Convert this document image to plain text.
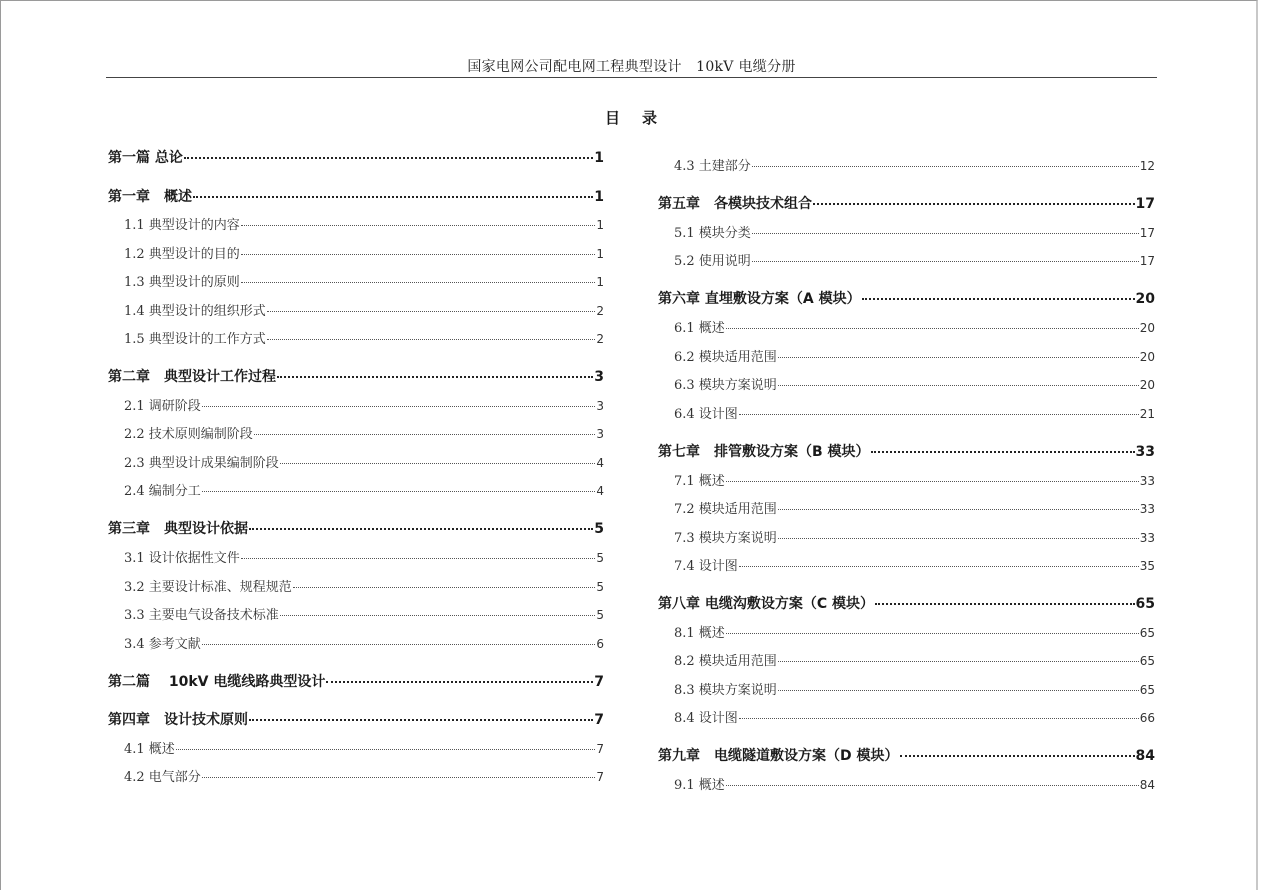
国家电网公司配电网工程典型设计　10kV 电缆分册
目录
第一篇 总论	1
第一章　概述	1
1.1 典型设计的内容	1
1.2 典型设计的目的	1
1.3 典型设计的原则	1
1.4 典型设计的组织形式	2
1.5 典型设计的工作方式	2
第二章　典型设计工作过程	3
2.1 调研阶段	3
2.2 技术原则编制阶段	3
2.3 典型设计成果编制阶段	4
2.4 编制分工	4
第三章　典型设计依据	5
3.1 设计依据性文件	5
3.2 主要设计标准、规程规范	5
3.3 主要电气设备技术标准	5
3.4 参考文献	6
第二篇　 10kV 电缆线路典型设计	7
第四章　设计技术原则	7
4.1 概述	7
4.2 电气部分	7
4.3 土建部分	12
第五章　各模块技术组合	17
5.1 模块分类	17
5.2 使用说明	17
第六章 直埋敷设方案（A 模块）	20
6.1 概述	20
6.2 模块适用范围	20
6.3 模块方案说明	20
6.4 设计图	21
第七章　排管敷设方案（B 模块）	33
7.1 概述	33
7.2 模块适用范围	33
7.3 模块方案说明	33
7.4 设计图	35
第八章 电缆沟敷设方案（C 模块）	65
8.1 概述	65
8.2 模块适用范围	65
8.3 模块方案说明	65
8.4 设计图	66
第九章　电缆隧道敷设方案（D 模块）	84
9.1 概述	84
